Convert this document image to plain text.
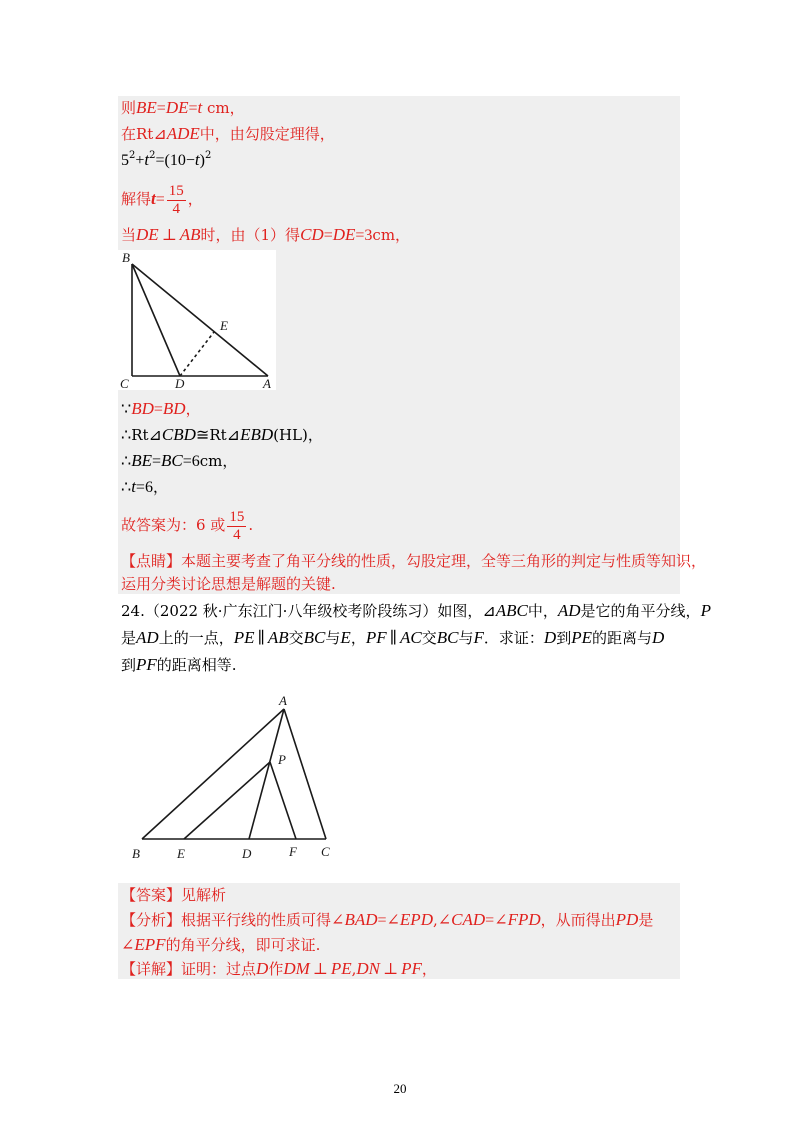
则BE=DE=t cm，
在Rt⊿ADE中，由勾股定理得，
$5^2+t^2=(10-t)^2$
解得$t= \frac{15}{4}$ ，
当DE ⊥ AB时，由（1）得CD=DE=3cm，
B
C	D
E
A
∵BD=BD，
∴Rt⊿CBD≅Rt⊿EBD(HL)，
∴BE=BC=6cm，
∴t=6，
故答案为：6 或 $\frac{15}{4}$ .
【点睛】本题主要考查了角平分线的性质，勾股定理，全等三角形的判定与性质等知识，
运用分类讨论思想是解题的关键.
24.（2022 秋·广东江门·八年级校考阶段练习）如图，⊿ABC中，AD是它的角平分线，P
是AD上的一点，PE ∥ AB交BC与E，PF ∥ AC交BC与F．求证：D到PE的距离与D
到PF的距离相等.
A
P
B	E	D	F C
【答案】见解析
【分析】根据平行线的性质可得∠BAD=∠EPD,∠CAD=∠FPD，从而得出PD是
∠EPF的角平分线，即可求证.
【详解】证明：过点D作DM ⊥ PE,DN ⊥ PF，
20
